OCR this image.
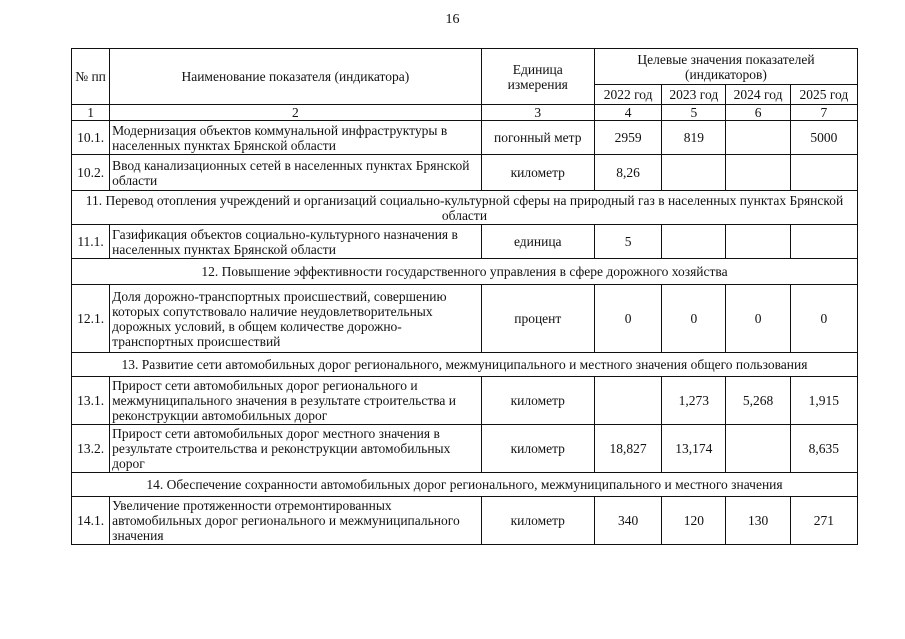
16
№ пп	Наименование показателя (индикатора)	Единица измерения	Целевые значения показателей (индикаторов)			
			2022 год	2023 год	2024 год	2025 год
1	2	3	4	5	6	7
10.1.	Модернизация объектов коммунальной инфраструктуры в населенных пунктах Брянской области	погонный метр	2959	819		5000
10.2.	Ввод канализационных сетей в населенных пунктах Брянской области	километр	8,26			
11. Перевод отопления учреждений и организаций социально-культурной сферы на природный газ в населенных пунктах Брянской области						
11.1.	Газификация объектов социально-культурного назначения в населенных пунктах Брянской области	единица	5			
12. Повышение эффективности государственного управления в сфере дорожного хозяйства						
12.1.	Доля дорожно-транспортных происшествий, совершению которых сопутствовало наличие неудовлетворительных дорожных условий, в общем количестве дорожно-транспортных происшествий	процент	0	0	0	0
13. Развитие сети автомобильных дорог регионального, межмуниципального и местного значения общего пользования						
13.1.	Прирост сети автомобильных дорог регионального и межмуниципального значения в результате строительства и реконструкции автомобильных дорог	километр		1,273	5,268	1,915
13.2.	Прирост сети автомобильных дорог местного значения в результате строительства и реконструкции автомобильных дорог	километр	18,827	13,174		8,635
14. Обеспечение сохранности автомобильных дорог регионального, межмуниципального и местного значения						
14.1.	Увеличение протяженности отремонтированных автомобильных дорог регионального и межмуниципального значения	километр	340	120	130	271
